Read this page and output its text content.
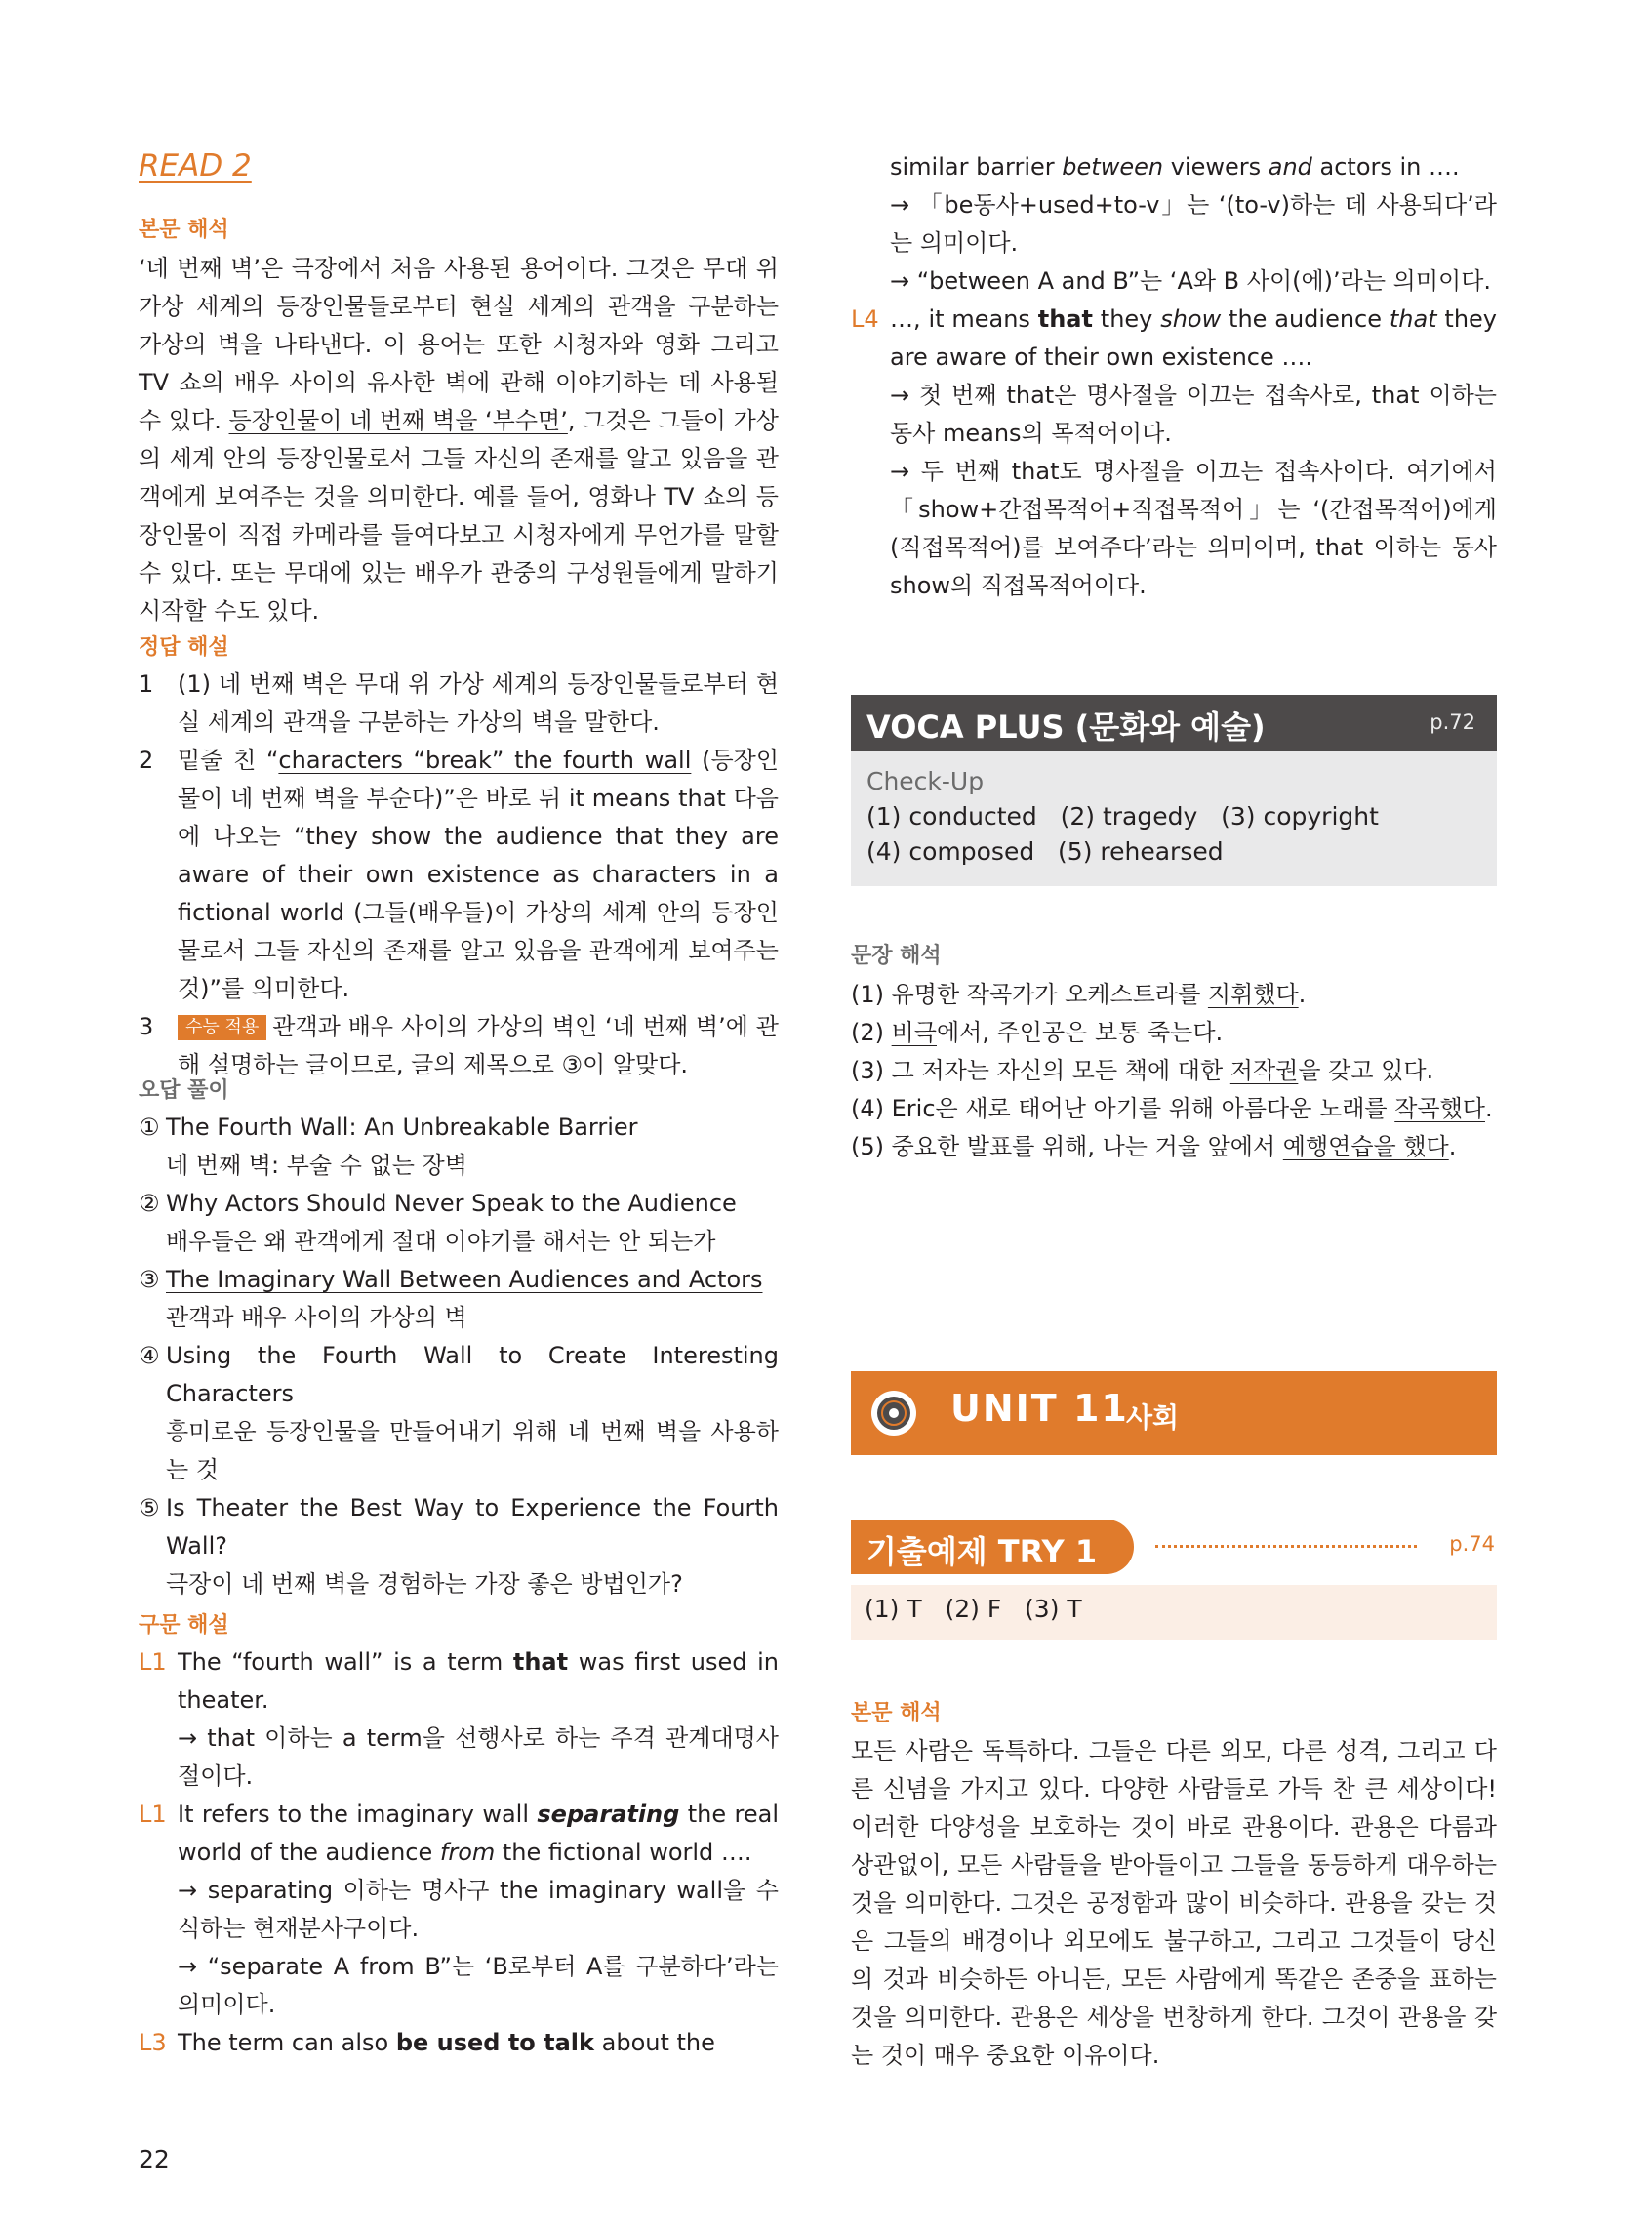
READ 2

본문 해석

‘네 번째 벽’은 극장에서 처음 사용된 용어이다. 그것은 무대 위 가상 세계의 등장인물들로부터 현실 세계의 관객을 구분하는 가상의 벽을 나타낸다. 이 용어는 또한 시청자와 영화 그리고 TV 쇼의 배우 사이의 유사한 벽에 관해 이야기하는 데 사용될 수 있다. 등장인물이 네 번째 벽을 ‘부수면’, 그것은 그들이 가상의 세계 안의 등장인물로서 그들 자신의 존재를 알고 있음을 관객에게 보여주는 것을 의미한다. 예를 들어, 영화나 TV 쇼의 등장인물이 직접 카메라를 들여다보고 시청자에게 무언가를 말할 수 있다. 또는 무대에 있는 배우가 관중의 구성원들에게 말하기 시작할 수도 있다.

정답 해설

1 (1) 네 번째 벽은 무대 위 가상 세계의 등장인물들로부터 현실 세계의 관객을 구분하는 가상의 벽을 말한다.
2 밑줄 친 “characters “break” the fourth wall (등장인물이 네 번째 벽을 부순다)”은 바로 뒤 it means that 다음에 나오는 “they show the audience that they are aware of their own existence as characters in a fictional world (그들(배우들)이 가상의 세계 안의 등장인물로서 그들 자신의 존재를 알고 있음을 관객에게 보여주는 것)”를 의미한다.
3 수능 적용 관객과 배우 사이의 가상의 벽인 ‘네 번째 벽’에 관해 설명하는 글이므로, 글의 제목으로 ③이 알맞다.

오답 풀이

① The Fourth Wall: An Unbreakable Barrier
네 번째 벽: 부술 수 없는 장벽
② Why Actors Should Never Speak to the Audience
배우들은 왜 관객에게 절대 이야기를 해서는 안 되는가
③ The Imaginary Wall Between Audiences and Actors
관객과 배우 사이의 가상의 벽
④ Using the Fourth Wall to Create Interesting Characters
흥미로운 등장인물을 만들어내기 위해 네 번째 벽을 사용하는 것
⑤ Is Theater the Best Way to Experience the Fourth Wall?
극장이 네 번째 벽을 경험하는 가장 좋은 방법인가?

구문 해설

L1 The “fourth wall” is a term that was first used in theater.
→ that 이하는 a term을 선행사로 하는 주격 관계대명사절이다.
L1 It refers to the imaginary wall separating the real world of the audience from the fictional world ….
→ separating 이하는 명사구 the imaginary wall을 수식하는 현재분사구이다.
→ “separate A from B”는 ‘B로부터 A를 구분하다’라는 의미이다.
L3 The term can also be used to talk about the

22

similar barrier between viewers and actors in ….
→ 「be동사+used+to-v」는 ‘(to-v)하는 데 사용되다’라는 의미이다.
→ “between A and B”는 ‘A와 B 사이(에)’라는 의미이다.
L4 …, it means that they show the audience that they are aware of their own existence ….
→ 첫 번째 that은 명사절을 이끄는 접속사로, that 이하는 동사 means의 목적어이다.
→ 두 번째 that도 명사절을 이끄는 접속사이다. 여기에서 「show+간접목적어+직접목적어」는 ‘(간접목적어)에게 (직접목적어)를 보여주다’라는 의미이며, that 이하는 동사 show의 직접목적어이다.
VOCA PLUS (문화와 예술)	p.72

Check-Up

(1) conducted   (2) tragedy   (3) copyright

(4) composed   (5) rehearsed

문장 해석

(1) 유명한 작곡가가 오케스트라를 지휘했다.
(2) 비극에서, 주인공은 보통 죽는다.
(3) 그 저자는 자신의 모든 책에 대한 저작권을 갖고 있다.
(4) Eric은 새로 태어난 아기를 위해 아름다운 노래를 작곡했다.
(5) 중요한 발표를 위해, 나는 거울 앞에서 예행연습을 했다.
UNIT 11
사회
기출예제 TRY 1	p.74

(1) T   (2) F   (3) T

본문 해석

모든 사람은 독특하다. 그들은 다른 외모, 다른 성격, 그리고 다른 신념을 가지고 있다. 다양한 사람들로 가득 찬 큰 세상이다! 이러한 다양성을 보호하는 것이 바로 관용이다. 관용은 다름과 상관없이, 모든 사람들을 받아들이고 그들을 동등하게 대우하는 것을 의미한다. 그것은 공정함과 많이 비슷하다. 관용을 갖는 것은 그들의 배경이나 외모에도 불구하고, 그리고 그것들이 당신의 것과 비슷하든 아니든, 모든 사람에게 똑같은 존중을 표하는 것을 의미한다. 관용은 세상을 번창하게 한다. 그것이 관용을 갖는 것이 매우 중요한 이유이다.
